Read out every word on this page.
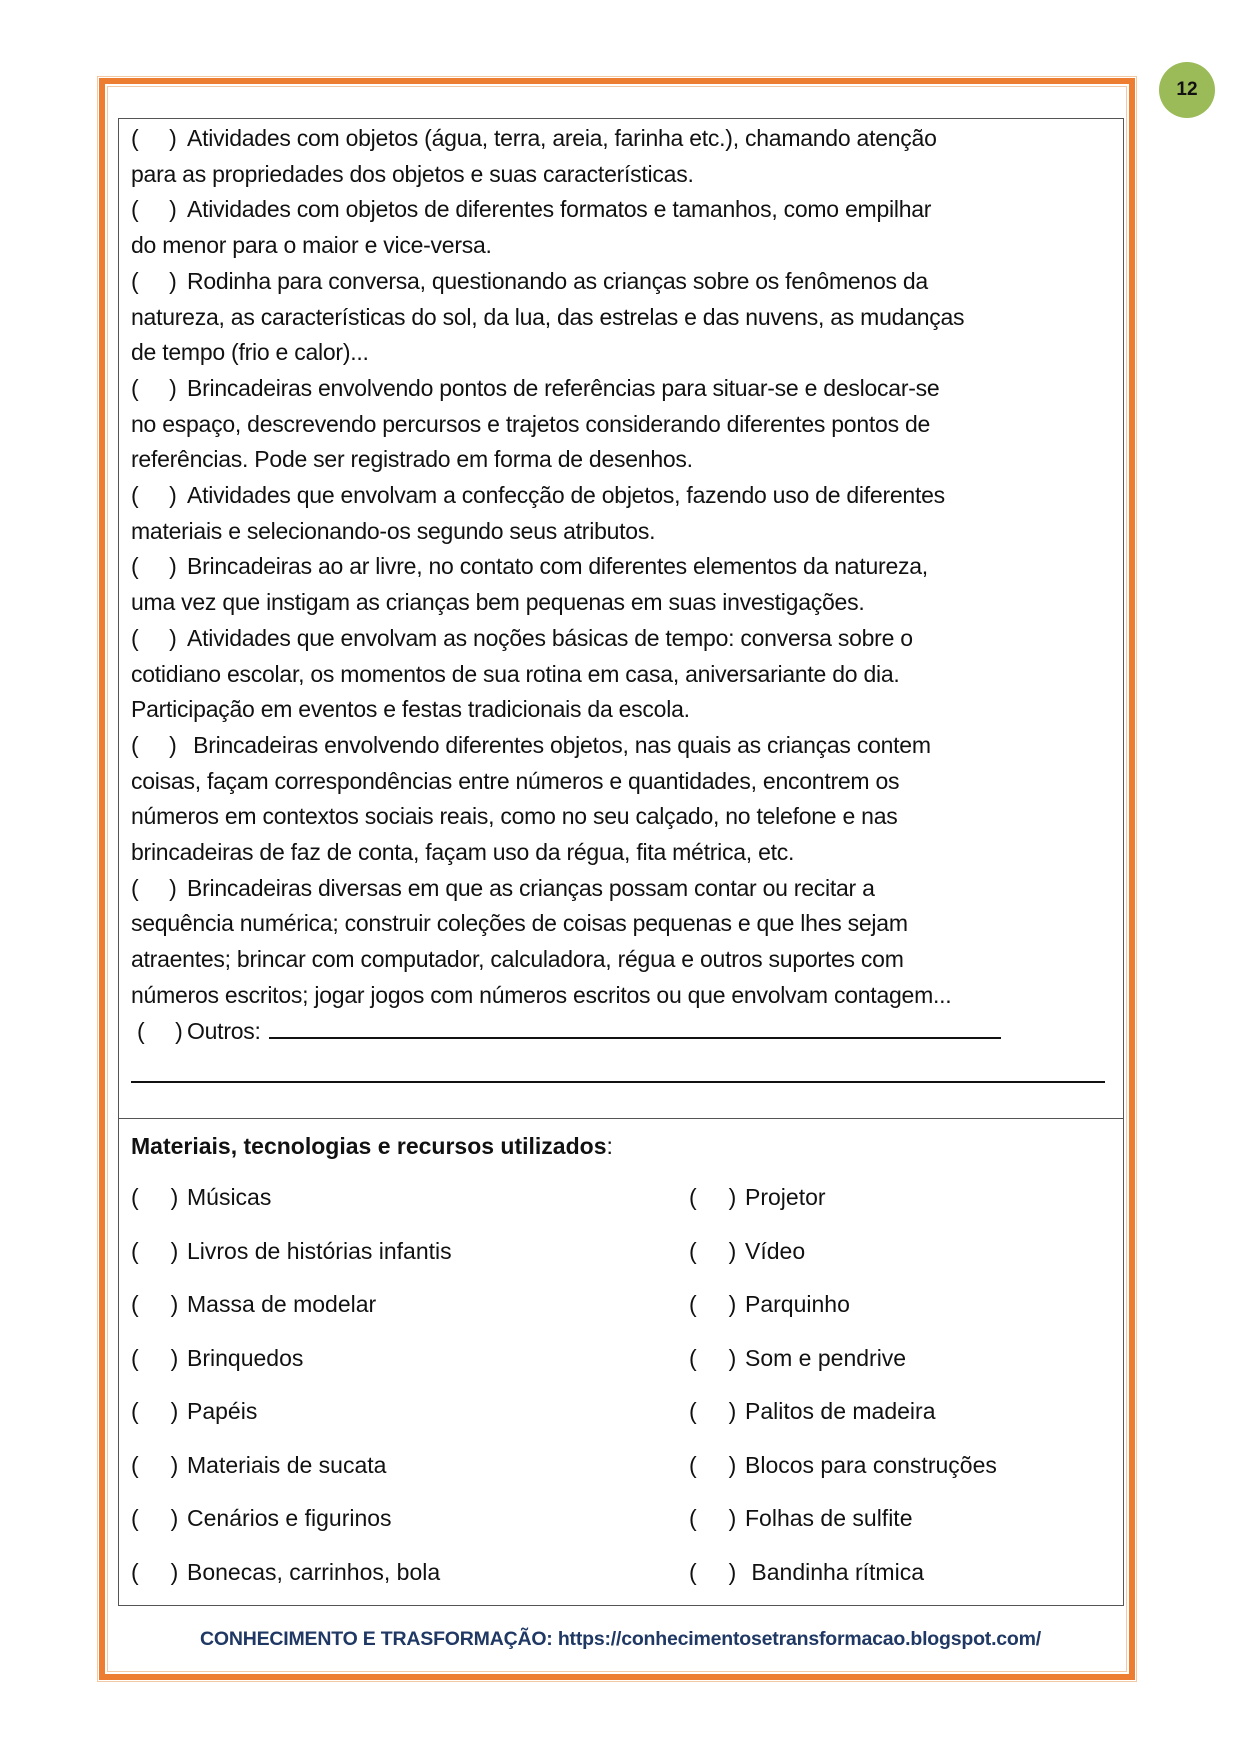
12

(     ) Atividades com objetos (água, terra, areia, farinha etc.), chamando atenção

para as propriedades dos objetos e suas características.

(     ) Atividades com objetos de diferentes formatos e tamanhos, como empilhar

do menor para o maior e vice-versa.

(     ) Rodinha para conversa, questionando as crianças sobre os fenômenos da

natureza, as características do sol, da lua, das estrelas e das nuvens, as mudanças

de tempo (frio e calor)...

(     ) Brincadeiras envolvendo pontos de referências para situar-se e deslocar-se

no espaço, descrevendo percursos e trajetos considerando diferentes pontos de

referências. Pode ser registrado em forma de desenhos.

(     ) Atividades que envolvam a confecção de objetos, fazendo uso de diferentes

materiais e selecionando-os segundo seus atributos.

(     ) Brincadeiras ao ar livre, no contato com diferentes elementos da natureza,

uma vez que instigam as crianças bem pequenas em suas investigações.

(     ) Atividades que envolvam as noções básicas de tempo: conversa sobre o

cotidiano escolar, os momentos de sua rotina em casa, aniversariante do dia.

Participação em eventos e festas tradicionais da escola.

(     ) Brincadeiras envolvendo diferentes objetos, nas quais as crianças contem

coisas, façam correspondências entre números e quantidades, encontrem os

números em contextos sociais reais, como no seu calçado, no telefone e nas

brincadeiras de faz de conta, façam uso da régua, fita métrica, etc.

(     ) Brincadeiras diversas em que as crianças possam contar ou recitar a

sequência numérica; construir coleções de coisas pequenas e que lhes sejam

atraentes; brincar com computador, calculadora, régua e outros suportes com

números escritos; jogar jogos com números escritos ou que envolvam contagem...

(     ) Outros:

Materiais, tecnologias e recursos utilizados:
(     ) Músicas	(     ) Projetor
(     ) Livros de histórias infantis	(     ) Vídeo
(     ) Massa de modelar	(     ) Parquinho
(     ) Brinquedos	(     ) Som e pendrive
(     ) Papéis	(     ) Palitos de madeira
(     ) Materiais de sucata	(     ) Blocos para construções
(     ) Cenários e figurinos	(     ) Folhas de sulfite
(     ) Bonecas, carrinhos, bola	(     ) Bandinha rítmica
CONHECIMENTO E TRASFORMAÇÃO: https://conhecimentosetransformacao.blogspot.com/
